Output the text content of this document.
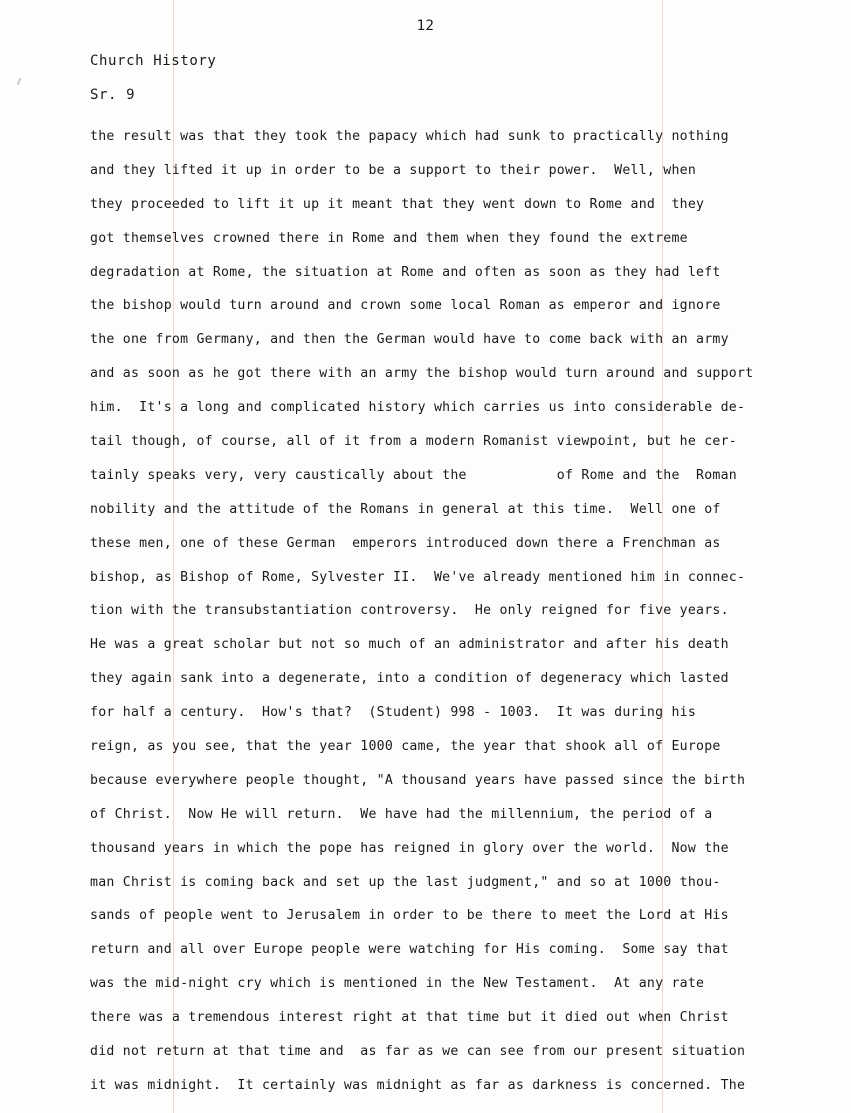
12
Church History
Sr. 9
the result was that they took the papacy which had sunk to practically nothing
and they lifted it up in order to be a support to their power.  Well, when
they proceeded to lift it up it meant that they went down to Rome and  they
got themselves crowned there in Rome and them when they found the extreme
degradation at Rome, the situation at Rome and often as soon as they had left
the bishop would turn around and crown some local Roman as emperor and ignore
the one from Germany, and then the German would have to come back with an army
and as soon as he got there with an army the bishop would turn around and support
him.  It's a long and complicated history which carries us into considerable de-
tail though, of course, all of it from a modern Romanist viewpoint, but he cer-
tainly speaks very, very caustically about the           of Rome and the  Roman
nobility and the attitude of the Romans in general at this time.  Well one of
these men, one of these German  emperors introduced down there a Frenchman as
bishop, as Bishop of Rome, Sylvester II.  We've already mentioned him in connec-
tion with the transubstantiation controversy.  He only reigned for five years.
He was a great scholar but not so much of an administrator and after his death
they again sank into a degenerate, into a condition of degeneracy which lasted
for half a century.  How's that?  (Student) 998 - 1003.  It was during his
reign, as you see, that the year 1000 came, the year that shook all of Europe
because everywhere people thought, "A thousand years have passed since the birth
of Christ.  Now He will return.  We have had the millennium, the period of a
thousand years in which the pope has reigned in glory over the world.  Now the
man Christ is coming back and set up the last judgment," and so at 1000 thou-
sands of people went to Jerusalem in order to be there to meet the Lord at His
return and all over Europe people were watching for His coming.  Some say that
was the mid-night cry which is mentioned in the New Testament.  At any rate
there was a tremendous interest right at that time but it died out when Christ
did not return at that time and  as far as we can see from our present situation
it was midnight.  It certainly was midnight as far as darkness is concerned. The
